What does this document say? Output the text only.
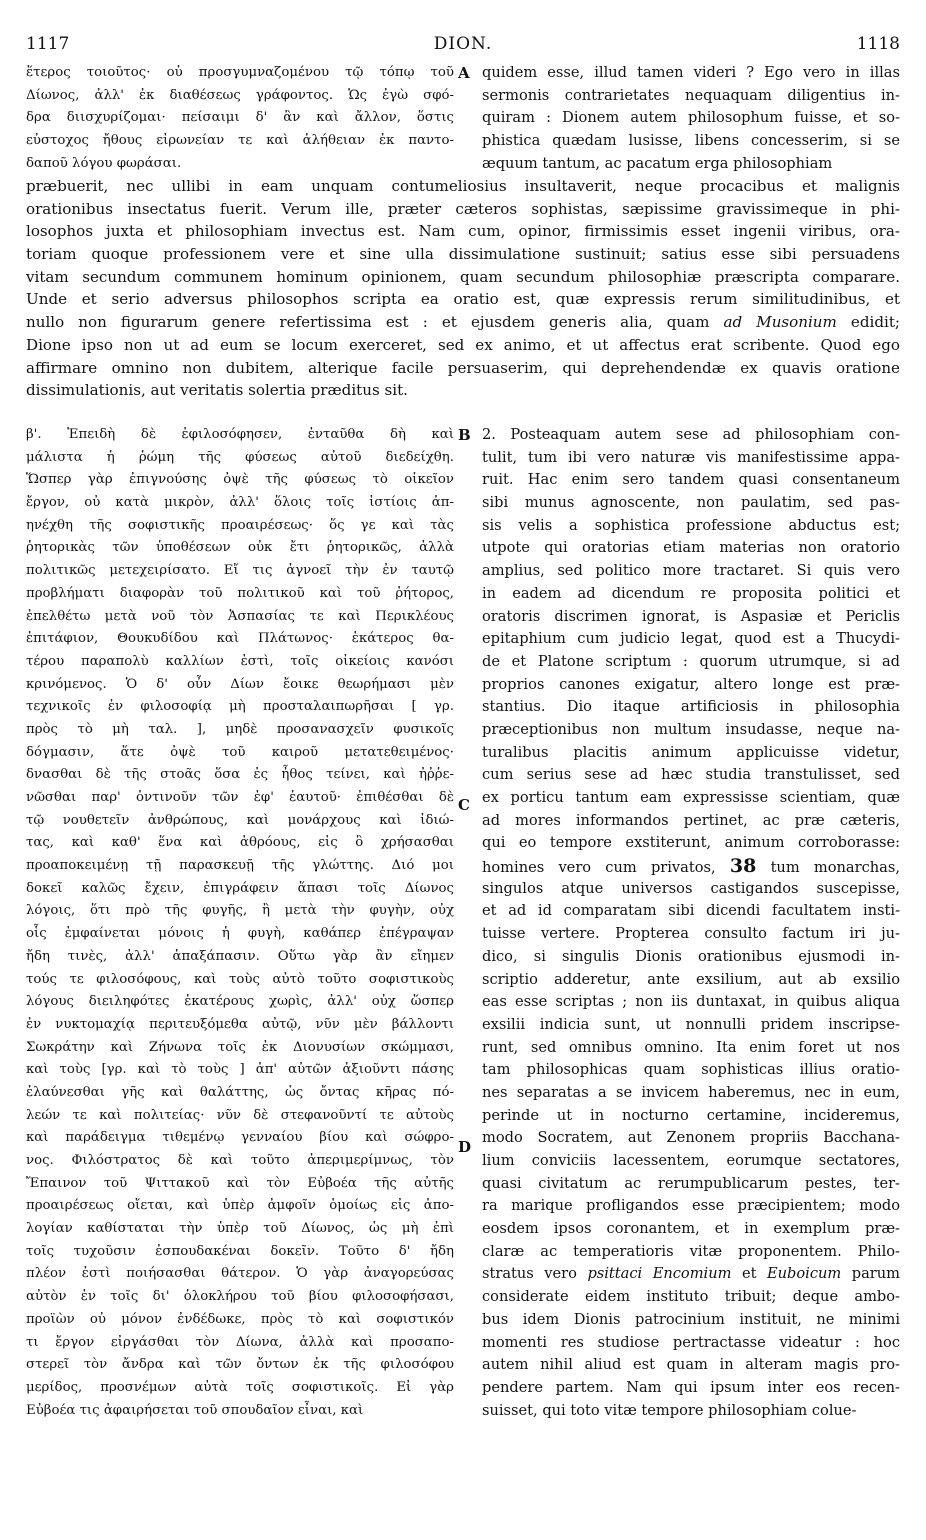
DION.
1117	1118
ἕτερος τοιοῦτος· οὐ προσγυμναζομένου τῷ τόπῳ τοῦ
Δίωνος, ἀλλ' ἐκ διαθέσεως γράφοντος. Ὡς ἐγὼ σφό-
δρα διισχυρίζομαι· πείσαιμι δ' ἂν καὶ ἄλλον, ὅστις
εὐστοχος ἤθους εἰρωνείαν τε καὶ ἀλήθειαν ἐκ παντο-
δαποῦ λόγου φωράσαι.
A quidem esse, illud tamen videri ? Ego vero in illas
sermonis contrarietates nequaquam diligentius in-
quiram : Dionem autem philosophum fuisse, et so-
phistica quædam lusisse, libens concesserim, si se
æquum tantum, ac pacatum erga philosophiam
præbuerit, nec ullibi in eam unquam contumeliosius insultaverit, neque procacibus et malignis
orationibus insectatus fuerit. Verum ille, præter cæteros sophistas, sæpissime gravissimeque in phi-
losophos juxta et philosophiam invectus est. Nam cum, opinor, firmissimis esset ingenii viribus, ora-
toriam quoque professionem vere et sine ulla dissimulatione sustinuit; satius esse sibi persuadens
vitam secundum communem hominum opinionem, quam secundum philosophiæ præscripta comparare.
Unde et serio adversus philosophos scripta ea oratio est, quæ expressis rerum similitudinibus, et
nullo non figurarum genere refertissima est : et ejusdem generis alia, quam ad Musonium edidit;
Dione ipso non ut ad eum se locum exerceret, sed ex animo, et ut affectus erat scribente. Quod ego
affirmare omnino non dubitem, alterique facile persuaserim, qui deprehendendæ ex quavis oratione
dissimulationis, aut veritatis solertia præditus sit.
β'. Ἐπειδὴ δὲ ἐφιλοσόφησεν, ἐνταῦθα δὴ καὶ
μάλιστα ἡ ῥώμη τῆς φύσεως αὐτοῦ διεδείχθη.
Ὥσπερ γὰρ ἐπιγνούσης ὀψὲ τῆς φύσεως τὸ οἰκεῖον
ἔργον, οὐ κατὰ μικρὸν, ἀλλ' ὅλοις τοῖς ἱστίοις ἀπ-
ηνέχθη τῆς σοφιστικῆς προαιρέσεως· ὅς γε καὶ τὰς
ῥητορικὰς τῶν ὑποθέσεων οὐκ ἔτι ῥητορικῶς, ἀλλὰ
πολιτικῶς μετεχειρίσατο. Εἴ τις ἀγνοεῖ τὴν ἐν ταυτῷ
προβλήματι διαφορὰν τοῦ πολιτικοῦ καὶ τοῦ ῥήτορος,
ἐπελθέτω μετὰ νοῦ τὸν Ἀσπασίας τε καὶ Περικλέους
ἐπιτάφιον, Θουκυδίδου καὶ Πλάτωνος· ἑκάτερος θα-
τέρου παραπολὺ καλλίων ἐστὶ, τοῖς οἰκείοις κανόσι
κρινόμενος. Ὁ δ' οὖν Δίων ἔοικε θεωρήμασι μὲν
τεχνικοῖς ἐν φιλοσοφίᾳ μὴ προσταλαιπωρῆσαι [ γρ.
πρὸς τὸ μὴ ταλ. ], μηδὲ προσανασχεῖν φυσικοῖς
δόγμασιν, ἅτε ὀψὲ τοῦ καιροῦ μετατεθειμένος·
δνασθαι δὲ τῆς στοᾶς ὅσα ἐς ἦθος τείνει, καὶ ἠῤῥε-
νῶσθαι παρ' ὀντινοῦν τῶν ἐφ' ἑαυτοῦ· ἐπιθέσθαι δὲ
τῷ νουθετεῖν ἀνθρώπους, καὶ μονάρχους καὶ ἰδιώ-
τας, καὶ καθ' ἕνα καὶ ἀθρόους, εἰς ὃ χρήσασθαι
προαποκειμένῃ τῇ παρασκευῇ τῆς γλώττης. Διό μοι
δοκεῖ καλῶς ἔχειν, ἐπιγράφειν ἅπασι τοῖς Δίωνος
λόγοις, ὅτι πρὸ τῆς φυγῆς, ἢ μετὰ τὴν φυγὴν, οὐχ
οἷς ἐμφαίνεται μόνοις ἡ φυγὴ, καθάπερ ἐπέγραψαν
ἤδη τινὲς, ἀλλ' ἁπαξάπασιν. Οὕτω γὰρ ἂν εἴημεν
τούς τε φιλοσόφους, καὶ τοὺς αὐτὸ τοῦτο σοφιστικοὺς
λόγους διειληφότες ἑκατέρους χωρὶς, ἀλλ' οὐχ ὥσπερ
ἐν νυκτομαχίᾳ περιτευξόμεθα αὐτῷ, νῦν μὲν βάλλοντι
Σωκράτην καὶ Ζήνωνα τοῖς ἐκ Διονυσίων σκώμμασι,
καὶ τοὺς [γρ. καὶ τὸ τοὺς ] ἀπ' αὐτῶν ἀξιοῦντι πάσης
ἐλαύνεσθαι γῆς καὶ θαλάττης, ὡς ὄντας κῆρας πό-
λεών τε καὶ πολιτείας· νῦν δὲ στεφανοῦντί τε αὐτοὺς
καὶ παράδειγμα τιθεμένῳ γενναίου βίου καὶ σώφρο-
νος. Φιλόστρατος δὲ καὶ τοῦτο ἀπεριμερίμνως, τὸν
Ἔπαινον τοῦ Ψιττακοῦ καὶ τὸν Εὐβοέα τῆς αὐτῆς
προαιρέσεως οἴεται, καὶ ὑπὲρ ἀμφοῖν ὁμοίως εἰς ἀπο-
λογίαν καθίσταται τὴν ὑπὲρ τοῦ Δίωνος, ὡς μὴ ἐπὶ
τοῖς τυχοῦσιν ἐσπουδακέναι δοκεῖν. Τοῦτο δ' ἤδη
πλέον ἐστὶ ποιήσασθαι θάτερον. Ὁ γὰρ ἀναγορεύσας
αὐτὸν ἐν τοῖς δι' ὁλοκλήρου τοῦ βίου φιλοσοφήσασι,
προϊὼν οὐ μόνον ἐνδέδωκε, πρὸς τὸ καὶ σοφιστικόν
τι ἔργον εἰργάσθαι τὸν Δίωνα, ἀλλὰ καὶ προσαπο-
στερεῖ τὸν ἄνδρα καὶ τῶν ὄντων ἐκ τῆς φιλοσόφου
μερίδος, προσνέμων αὐτὰ τοῖς σοφιστικοῖς. Εἰ γὰρ
Εὐβοέα τις ἀφαιρήσεται τοῦ σπουδαῖον εἶναι, καὶ
B
C
D
2. Posteaquam autem sese ad philosophiam con-
tulit, tum ibi vero naturæ vis manifestissime appa-
ruit. Hac enim sero tandem quasi consentaneum
sibi munus agnoscente, non paulatim, sed pas-
sis velis a sophistica professione abductus est;
utpote qui oratorias etiam materias non oratorio
amplius, sed politico more tractaret. Si quis vero
in eadem ad dicendum re proposita politici et
oratoris discrimen ignorat, is Aspasiæ et Periclis
epitaphium cum judicio legat, quod est a Thucydi-
de et Platone scriptum : quorum utrumque, si ad
proprios canones exigatur, altero longe est præ-
stantius. Dio itaque artificiosis in philosophia
præceptionibus non multum insudasse, neque na-
turalibus placitis animum applicuisse videtur,
cum serius sese ad hæc studia transtulisset, sed
ex porticu tantum eam expressisse scientiam, quæ
ad mores informandos pertinet, ac præ cæteris,
qui eo tempore exstiterunt, animum corroborasse:
homines vero cum privatos, 38 tum monarchas,
singulos atque universos castigandos suscepisse,
et ad id comparatam sibi dicendi facultatem insti-
tuisse vertere. Propterea consulto factum iri ju-
dico, si singulis Dionis orationibus ejusmodi in-
scriptio adderetur, ante exsilium, aut ab exsilio
eas esse scriptas ; non iis duntaxat, in quibus aliqua
exsilii indicia sunt, ut nonnulli pridem inscripse-
runt, sed omnibus omnino. Ita enim foret ut nos
tam philosophicas quam sophisticas illius oratio-
nes separatas a se invicem haberemus, nec in eum,
perinde ut in nocturno certamine, incideremus,
modo Socratem, aut Zenonem propriis Bacchana-
lium conviciis lacessentem, eorumque sectatores,
quasi civitatum ac rerumpublicarum pestes, ter-
ra marique profligandos esse præcipientem; modo
eosdem ipsos coronantem, et in exemplum præ-
claræ ac temperatioris vitæ proponentem. Philo-
stratus vero psittaci Encomium et Euboicum parum
considerate eidem instituto tribuit; deque ambo-
bus idem Dionis patrocinium instituit, ne minimi
momenti res studiose pertractasse videatur : hoc
autem nihil aliud est quam in alteram magis pro-
pendere partem. Nam qui ipsum inter eos recen-
suisset, qui toto vitæ tempore philosophiam colue-
